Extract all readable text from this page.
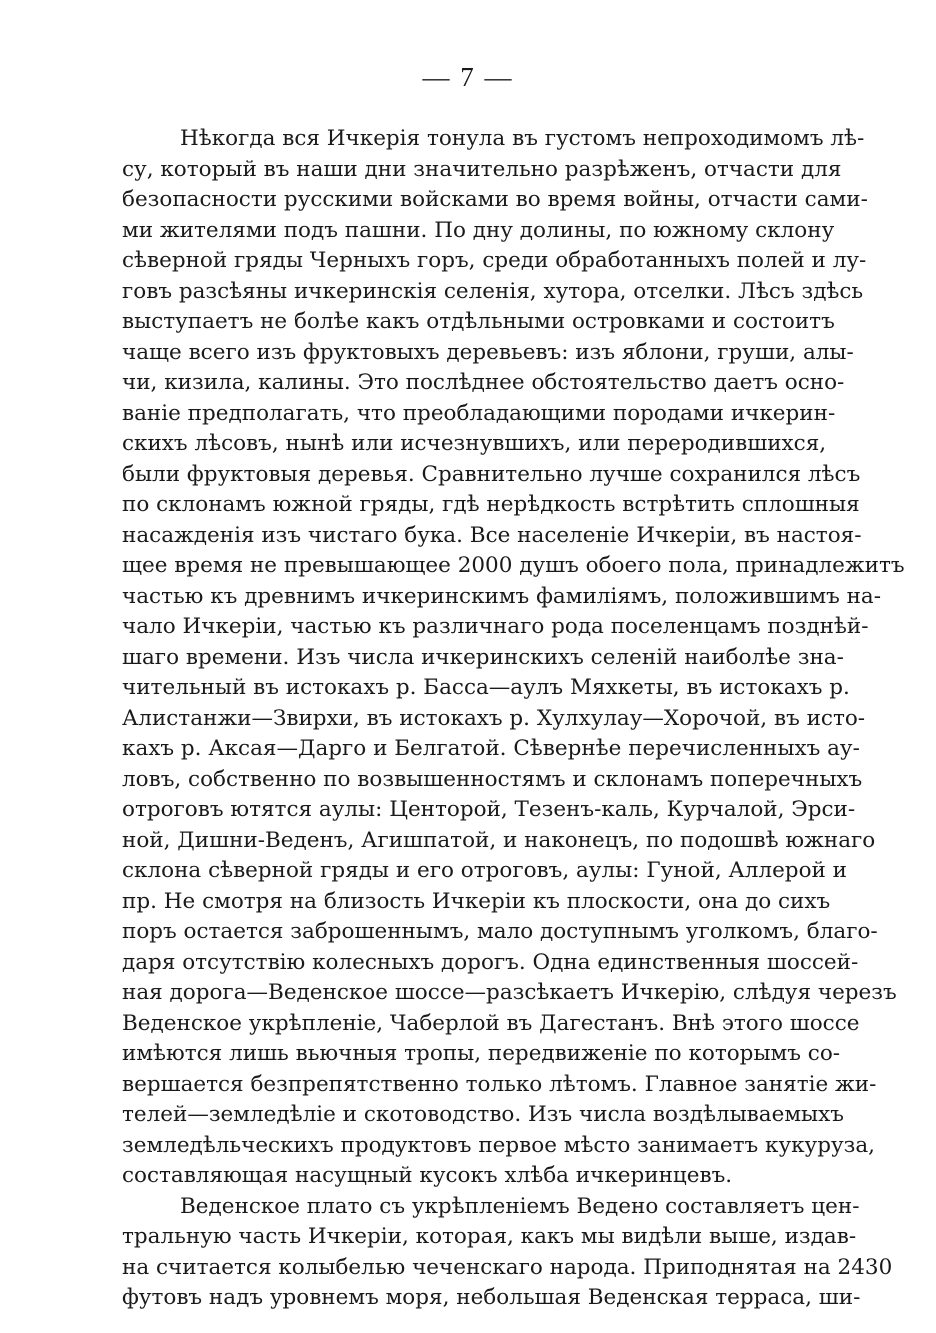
— 7 —
Нѣкогда вся Ичкерія тонула въ густомъ непроходимомъ лѣ-
су, который въ наши дни значительно разрѣженъ, отчасти для
безопасности русскими войсками во время войны, отчасти сами-
ми жителями подъ пашни. По дну долины, по южному склону
сѣверной гряды Черныхъ горъ, среди обработанныхъ полей и лу-
говъ разсѣяны ичкеринскія селенія, хутора, отселки. Лѣсъ здѣсь
выступаетъ не болѣе какъ отдѣльными островками и состоитъ
чаще всего изъ фруктовыхъ деревьевъ: изъ яблони, груши, алы-
чи, кизила, калины. Это послѣднее обстоятельство даетъ осно-
ваніе предполагать, что преобладающими породами ичкерин-
скихъ лѣсовъ, нынѣ или исчезнувшихъ, или переродившихся,
были фруктовыя деревья. Сравнительно лучше сохранился лѣсъ
по склонамъ южной гряды, гдѣ нерѣдкость встрѣтить сплошныя
насажденія изъ чистаго бука. Все населеніе Ичкеріи, въ настоя-
щее время не превышающее 2000 душъ обоего пола, принадлежитъ
частью къ древнимъ ичкеринскимъ фамиліямъ, положившимъ на-
чало Ичкеріи, частью къ различнаго рода поселенцамъ позднѣй-
шаго времени. Изъ числа ичкеринскихъ селеній наиболѣе зна-
чительный въ истокахъ р. Басса—аулъ Мяхкеты, въ истокахъ р.
Алистанжи—Звирхи, въ истокахъ р. Хулхулау—Хорочой, въ исто-
кахъ р. Аксая—Дарго и Белгатой. Сѣвернѣе перечисленныхъ ау-
ловъ, собственно по возвышенностямъ и склонамъ поперечныхъ
отроговъ ютятся аулы: Центорой, Тезенъ-каль, Курчалой, Эрси-
ной, Дишни-Веденъ, Агишпатой, и наконецъ, по подошвѣ южнаго
склона сѣверной гряды и его отроговъ, аулы: Гуной, Аллерой и
пр. Не смотря на близость Ичкеріи къ плоскости, она до сихъ
поръ остается заброшеннымъ, мало доступнымъ уголкомъ, благо-
даря отсутствію колесныхъ дорогъ. Одна единственныя шоссей-
ная дорога—Веденское шоссе—разсѣкаетъ Ичкерію, слѣдуя черезъ
Веденское укрѣпленіе, Чаберлой въ Дагестанъ. Внѣ этого шоссе
имѣются лишь вьючныя тропы, передвиженіе по которымъ со-
вершается безпрепятственно только лѣтомъ. Главное занятіе жи-
телей—земледѣліе и скотоводство. Изъ числа воздѣлываемыхъ
земледѣльческихъ продуктовъ первое мѣсто занимаетъ кукуруза,
составляющая насущный кусокъ хлѣба ичкеринцевъ.
Веденское плато съ укрѣпленіемъ Ведено составляетъ цен-
тральную часть Ичкеріи, которая, какъ мы видѣли выше, издав-
на считается колыбелью чеченскаго народа. Приподнятая на 2430
футовъ надъ уровнемъ моря, небольшая Веденская терраса, ши-
